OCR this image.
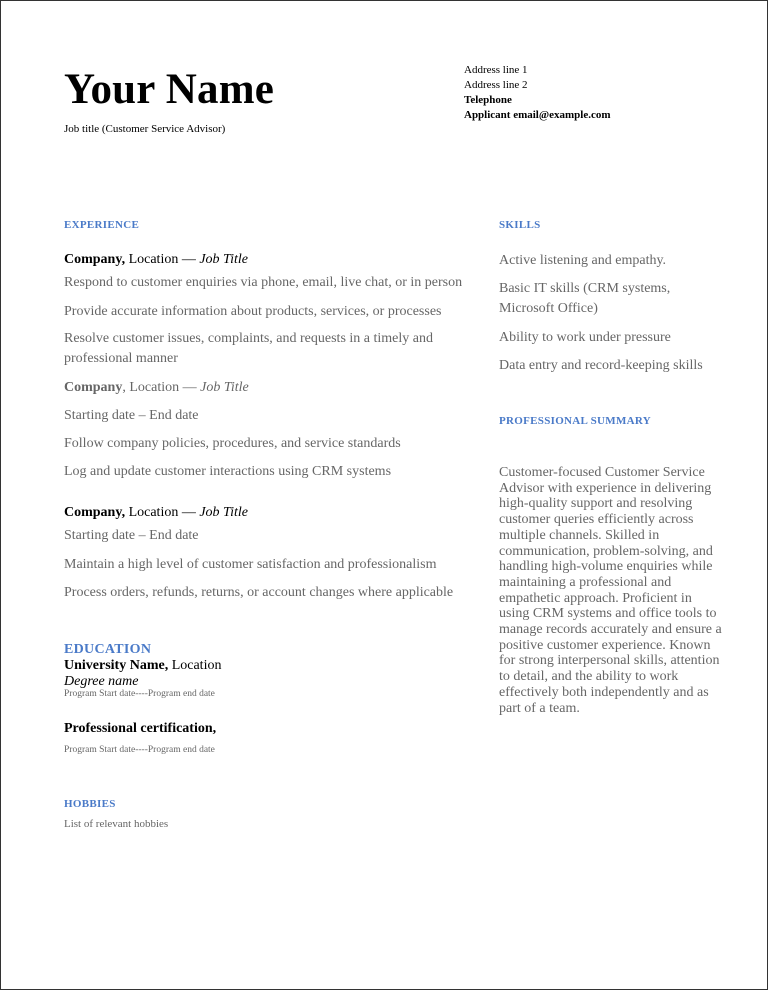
Your Name
Job title (Customer Service Advisor)
Address line 1
Address line 2
Telephone
Applicant email@example.com
EXPERIENCE
Company, Location — Job Title
Respond to customer enquiries via phone, email, live chat, or in person
Provide accurate information about products, services, or processes
Resolve customer issues, complaints, and requests in a timely and
professional manner
Company, Location — Job Title
Starting date – End date
Follow company policies, procedures, and service standards
Log and update customer interactions using CRM systems
Company, Location — Job Title
Starting date – End date
Maintain a high level of customer satisfaction and professionalism
Process orders, refunds, returns, or account changes where applicable
EDUCATION
University Name, Location
Degree name
Program Start date----Program end date
Professional certification,
Program Start date----Program end date
HOBBIES
List of relevant hobbies
SKILLS
Active listening and empathy.
Basic IT skills (CRM systems,
Microsoft Office)
Ability to work under pressure
Data entry and record-keeping skills
PROFESSIONAL SUMMARY
Customer-focused Customer Service Advisor with experience in delivering high-quality support and resolving customer queries efficiently across multiple channels. Skilled in communication, problem-solving, and handling high-volume enquiries while maintaining a professional and empathetic approach. Proficient in using CRM systems and office tools to manage records accurately and ensure a positive customer experience. Known for strong interpersonal skills, attention to detail, and the ability to work effectively both independently and as part of a team.
